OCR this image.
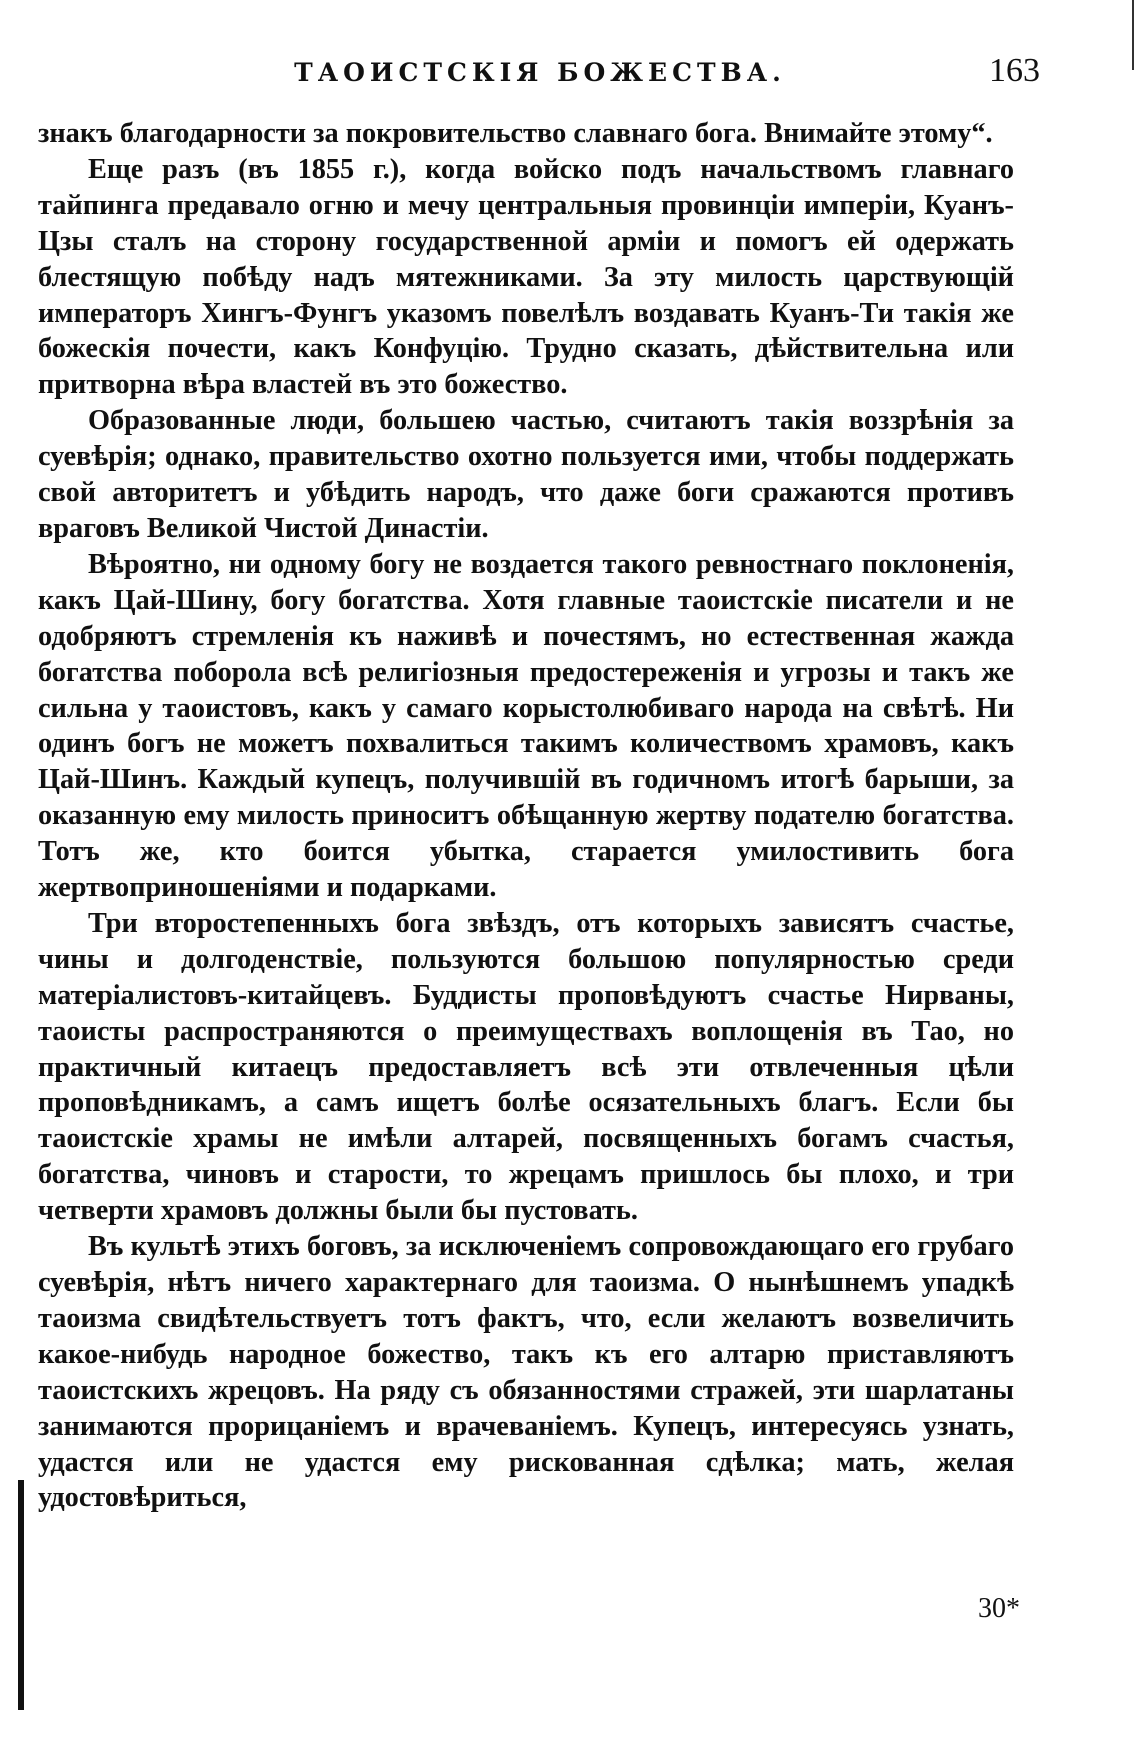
ТАОИСТСКІЯ БОЖЕСТВА.	163

знакъ благодарности за покровительство славнаго бога. Внимайте этому“.

Еще разъ (въ 1855 г.), когда войско подъ начальствомъ главнаго тайпинга предавало огню и мечу центральныя провинціи имперіи, Куанъ-Цзы сталъ на сторону государственной арміи и помогъ ей одержать блестящую побѣду надъ мятежниками. За эту милость царствующій императоръ Хингъ-Фунгъ указомъ повелѣлъ воздавать Куанъ-Ти такія же божескія почести, какъ Конфуцію. Трудно сказать, дѣйствительна или притворна вѣра властей въ это божество.

Образованные люди, большею частью, считаютъ такія воззрѣнія за суевѣрія; однако, правительство охотно пользуется ими, чтобы поддержать свой авторитетъ и убѣдить народъ, что даже боги сражаются противъ враговъ Великой Чистой Династіи.

Вѣроятно, ни одному богу не воздается такого ревностнаго поклоненія, какъ Цай-Шину, богу богатства. Хотя главные таоистскіе писатели и не одобряютъ стремленія къ наживѣ и почестямъ, но естественная жажда богатства поборола всѣ религіозныя предостереженія и угрозы и такъ же сильна у таоистовъ, какъ у самаго корыстолюбиваго народа на свѣтѣ. Ни одинъ богъ не можетъ похвалиться такимъ количествомъ храмовъ, какъ Цай-Шинъ. Каждый купецъ, получившій въ годичномъ итогѣ барыши, за оказанную ему милость приноситъ обѣщанную жертву подателю богатства. Тотъ же, кто боится убытка, старается умилостивить бога жертвоприношеніями и подарками.

Три второстепенныхъ бога звѣздъ, отъ которыхъ зависятъ счастье, чины и долгоденствіе, пользуются большою популярностью среди матеріалистовъ-китайцевъ. Буддисты проповѣдуютъ счастье Нирваны, таоисты распространяются о преимуществахъ воплощенія въ Тао, но практичный китаецъ предоставляетъ всѣ эти отвлеченныя цѣли проповѣдникамъ, а самъ ищетъ болѣе осязательныхъ благъ. Если бы таоистскіе храмы не имѣли алтарей, посвященныхъ богамъ счастья, богатства, чиновъ и старости, то жрецамъ пришлось бы плохо, и три четверти храмовъ должны были бы пустовать.

Въ культѣ этихъ боговъ, за исключеніемъ сопровождающаго его грубаго суевѣрія, нѣтъ ничего характернаго для таоизма. О нынѣшнемъ упадкѣ таоизма свидѣтельствуетъ тотъ фактъ, что, если желаютъ возвеличить какое-нибудь народное божество, такъ къ его алтарю приставляютъ таоистскихъ жрецовъ. На ряду съ обязанностями стражей, эти шарлатаны занимаются прорицаніемъ и врачеваніемъ. Купецъ, интересуясь узнать, удастся или не удастся ему рискованная сдѣлка; мать, желая удостовѣриться,

30*
